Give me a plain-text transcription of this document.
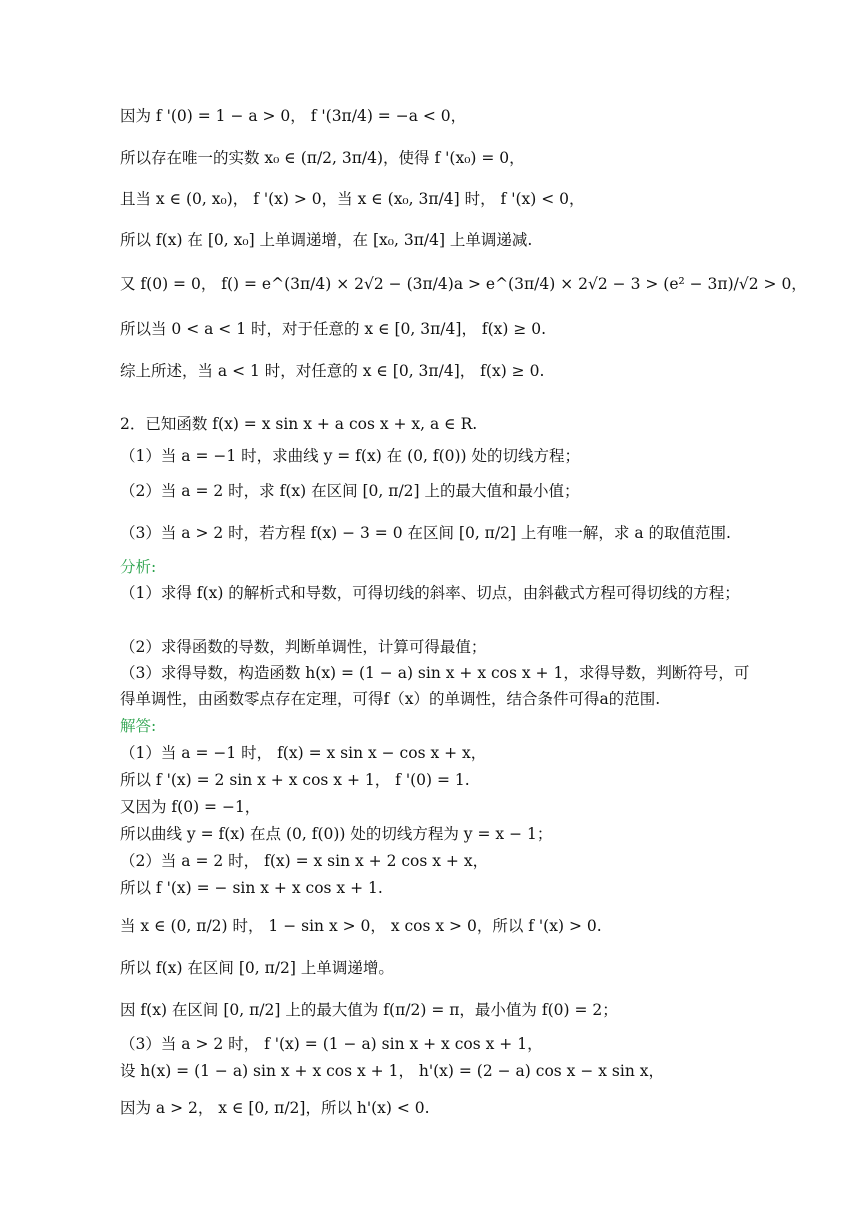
因为 f '(0) = 1 − a > 0， f '(3π/4) = −a < 0，
所以存在唯一的实数 x₀ ∈ (π/2, 3π/4)，使得 f '(x₀) = 0，
且当 x ∈ (0, x₀)， f '(x) > 0，当 x ∈ (x₀, 3π/4] 时， f '(x) < 0，
所以 f(x) 在 [0, x₀] 上单调递增，在 [x₀, 3π/4] 上单调递减.
又 f(0) = 0， f() = e^(3π/4) × 2√2 − (3π/4)a > e^(3π/4) × 2√2 − 3 > (e² − 3π)/√2 > 0，
所以当 0 < a < 1 时，对于任意的 x ∈ [0, 3π/4]， f(x) ≥ 0.
综上所述，当 a < 1 时，对任意的 x ∈ [0, 3π/4]， f(x) ≥ 0.
2．已知函数 f(x) = x sin x + a cos x + x, a ∈ R.
（1）当 a = −1 时，求曲线 y = f(x) 在 (0, f(0)) 处的切线方程；
（2）当 a = 2 时，求 f(x) 在区间 [0, π/2] 上的最大值和最小值；
（3）当 a > 2 时，若方程 f(x) − 3 = 0 在区间 [0, π/2] 上有唯一解，求 a 的取值范围.
分析:
（1）求得 f(x) 的解析式和导数，可得切线的斜率、切点，由斜截式方程可得切线的方程；
（2）求得函数的导数，判断单调性，计算可得最值；
（3）求得导数，构造函数 h(x) = (1 − a) sin x + x cos x + 1，求得导数，判断符号，可得单调性，由函数零点存在定理，可得f（x）的单调性，结合条件可得a的范围.
解答:
（1）当 a = −1 时， f(x) = x sin x − cos x + x，
所以 f '(x) = 2 sin x + x cos x + 1， f '(0) = 1.
又因为 f(0) = −1，
所以曲线 y = f(x) 在点 (0, f(0)) 处的切线方程为 y = x − 1；
（2）当 a = 2 时， f(x) = x sin x + 2 cos x + x，
所以 f '(x) = − sin x + x cos x + 1.
当 x ∈ (0, π/2) 时， 1 − sin x > 0， x cos x > 0，所以 f '(x) > 0.
所以 f(x) 在区间 [0, π/2] 上单调递增。
因 f(x) 在区间 [0, π/2] 上的最大值为 f(π/2) = π，最小值为 f(0) = 2；
（3）当 a > 2 时， f '(x) = (1 − a) sin x + x cos x + 1，
设 h(x) = (1 − a) sin x + x cos x + 1， h'(x) = (2 − a) cos x − x sin x，
因为 a > 2， x ∈ [0, π/2]，所以 h'(x) < 0.
